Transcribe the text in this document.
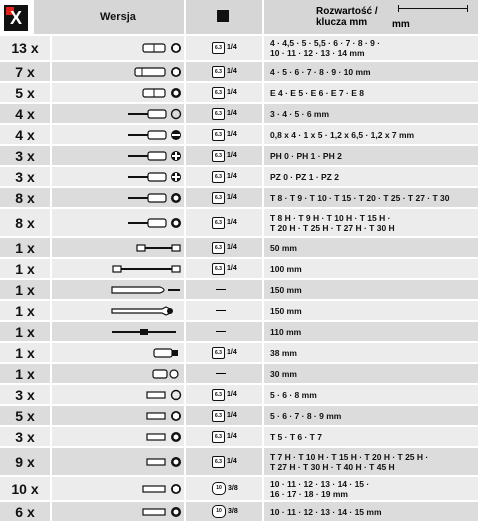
X	Wersja	Rozwartość /
klucza mm mm
13 x	6.3 1/4	4 · 4,5 · 5 · 5,5 · 6 · 7 · 8 · 9 ·
10 · 11 · 12 · 13 · 14 mm
7 x	6.3 1/4	4 · 5 · 6 · 7 · 8 · 9 · 10 mm
5 x	6.3 1/4	E 4 · E 5 · E 6 · E 7 · E 8
4 x	6.3 1/4	3 · 4 · 5 · 6 mm
4 x	6.3 1/4	0,8 x 4 · 1 x 5 · 1,2 x 6,5 · 1,2 x 7 mm
3 x	6.3 1/4	PH 0 · PH 1 · PH 2
3 x	6.3 1/4	PZ 0 · PZ 1 · PZ 2
8 x	6.3 1/4	T 8 · T 9 · T 10 · T 15 · T 20 · T 25 · T 27 · T 30
8 x	6.3 1/4	T 8 H · T 9 H · T 10 H · T 15 H ·
T 20 H · T 25 H · T 27 H · T 30 H
1 x	6.3 1/4	50 mm
1 x	6.3 1/4	100 mm
1 x	—	150 mm
1 x	—	150 mm
1 x	—	110 mm
1 x	6.3 1/4	38 mm
1 x	—	30 mm
3 x	6.3 1/4	5 · 6 · 8 mm
5 x	6.3 1/4	5 · 6 · 7 · 8 · 9 mm
3 x	6.3 1/4	T 5 · T 6 · T 7
9 x	6.3 1/4	T 7 H · T 10 H · T 15 H · T 20 H · T 25 H ·
T 27 H · T 30 H · T 40 H · T 45 H
10 x	10 3/8	10 · 11 · 12 · 13 · 14 · 15 ·
16 · 17 · 18 · 19 mm
6 x	10 3/8	10 · 11 · 12 · 13 · 14 · 15 mm
